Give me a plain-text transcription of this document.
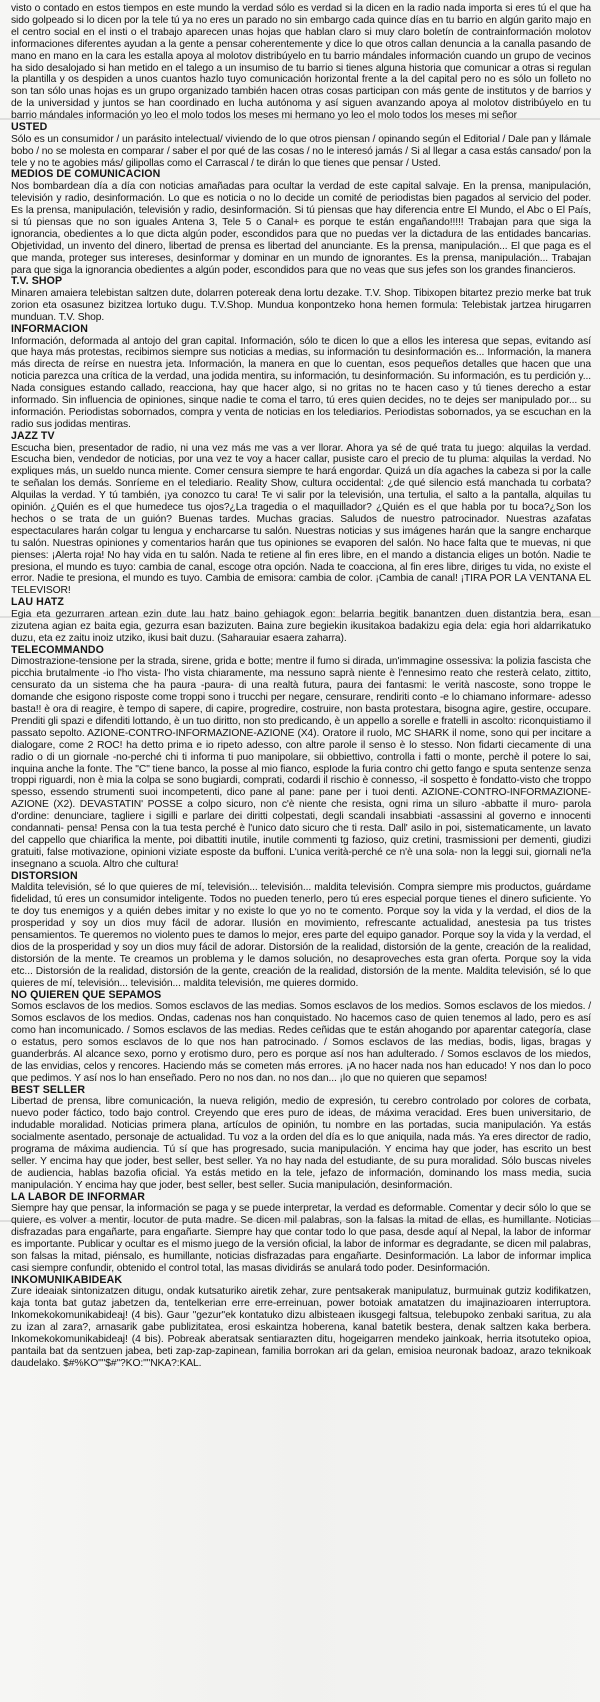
visto o contado en estos tiempos en este mundo la verdad sólo es verdad si la dicen en la radio nada importa si eres tú el que ha sido golpeado si lo dicen por la tele tú ya no eres un parado no sin embargo cada quince días en tu barrio en algún garito majo en el centro social en el insti o el trabajo aparecen unas hojas que hablan claro si muy claro boletín de contrainformación molotov informaciones diferentes ayudan a la gente a pensar coherentemente y dice lo que otros callan denuncia a la canalla pasando de mano en mano en la cara les estalla apoya al molotov distribúyelo en tu barrio mándales información cuando un grupo de vecinos ha sido desalojado si han metido en el talego a un insumiso de tu barrio si tienes alguna historia que comunicar a otras si regulan la plantilla y os despiden a unos cuantos hazlo tuyo comunicación horizontal frente a la del capital pero no es sólo un folleto no son tan sólo unas hojas es un grupo organizado también hacen otras cosas participan con más gente de institutos y de barrios y de la universidad y juntos se han coordinado en lucha autónoma y así siguen avanzando apoya al molotov distribúyelo en tu barrio mándales información yo leo el molo todos los meses mi hermano yo leo el molo todos los meses mi señor
USTED
Sólo es un consumidor / un parásito intelectual/ viviendo de lo que otros piensan / opinando según el Editorial / Dale pan y llámale bobo / no se molesta en comparar / saber el por qué de las cosas / no le interesó jamás / Si al llegar a casa estás cansado/ pon la tele y no te agobies más/ gilipollas como el Carrascal / te dirán lo que tienes que pensar / Usted.
MEDIOS DE COMUNICACION
Nos bombardean día a día con noticias amañadas para ocultar la verdad de este capital salvaje. En la prensa, manipulación, televisión y radio, desinformación. Lo que es noticia o no lo decide un comité de periodistas bien pagados al servicio del poder. Es la prensa, manipulación, televisión y radio, desinformación. Si tú piensas que hay diferencia entre El Mundo, el Abc o El País, si tú piensas que no son iguales Antena 3, Tele 5 o Canal+ es porque te están engañando!!!!! Trabajan para que siga la ignorancia, obedientes a lo que dicta algún poder, escondidos para que no puedas ver la dictadura de las entidades bancarias. Objetividad, un invento del dinero, libertad de prensa es libertad del anunciante. Es la prensa, manipulación... El que paga es el que manda, proteger sus intereses, desinformar y dominar en un mundo de ignorantes. Es la prensa, manipulación... Trabajan para que siga la ignorancia obedientes a algún poder, escondidos para que no veas que sus jefes son los grandes financieros.
T.V. SHOP
Minaren amaiera telebistan saltzen dute, dolarren potereak dena lortu dezake. T.V. Shop. Tibixopen bitartez prezio merke bat truk zorion eta osasunez bizitzea lortuko dugu. T.V.Shop. Mundua konpontzeko hona hemen formula: Telebistak jartzea hirugarren munduan. T.V. Shop.
INFORMACION
Información, deformada al antojo del gran capital. Información, sólo te dicen lo que a ellos les interesa que sepas, evitando así que haya más protestas, recibimos siempre sus noticias a medias, su información tu desinformación es... Información, la manera más directa de reírse en nuestra jeta. Información, la manera en que lo cuentan, esos pequeños detalles que hacen que una noticia parezca una crítica de la verdad, una jodida mentira, su información, tu desinformación. Su información, es tu perdición y... Nada consigues estando callado, reacciona, hay que hacer algo, si no gritas no te hacen caso y tú tienes derecho a estar informado. Sin influencia de opiniones, sinque nadie te coma el tarro, tú eres quien decides, no te dejes ser manipulado por... su información. Periodistas sobornados, compra y venta de noticias en los telediarios. Periodistas sobornados, ya se escuchan en la radio sus jodidas mentiras.
JAZZ TV
Escucha bien, presentador de radio, ni una vez más me vas a ver llorar. Ahora ya sé de qué trata tu juego: alquilas la verdad. Escucha bien, vendedor de noticias, por una vez te voy a hacer callar, pusiste caro el precio de tu pluma: alquilas la verdad. No expliques más, un sueldo nunca miente. Comer censura siempre te hará engordar. Quizá un día agaches la cabeza si por la calle te señalan los demás. Sonríeme en el telediario. Reality Show, cultura occidental: ¿de qué silencio está manchada tu corbata? Alquilas la verdad. Y tú también, ¡ya conozco tu cara! Te vi salir por la televisión, una tertulia, el salto a la pantalla, alquilas tu opinión. ¿Quién es el que humedece tus ojos?¿La tragedia o el maquillador? ¿Quién es el que habla por tu boca?¿Son los hechos o se trata de un guión? Buenas tardes. Muchas gracias. Saludos de nuestro patrocinador. Nuestras azafatas espectaculares harán colgar tu lengua y encharcarse tu salón. Nuestras noticias y sus imágenes harán que la sangre encharque tu salón. Nuestras opiniones y comentarios harán que tus opiniones se evaporen del salón. No hace falta que te muevas, ni que pienses: ¡Alerta roja! No hay vida en tu salón. Nada te retiene al fin eres libre, en el mando a distancia eliges un botón. Nadie te presiona, el mundo es tuyo: cambia de canal, escoge otra opción. Nada te coacciona, al fin eres libre, diriges tu vida, no existe el error. Nadie te presiona, el mundo es tuyo. Cambia de emisora: cambia de color. ¡Cambia de canal! ¡TIRA POR LA VENTANA EL TELEVISOR!
LAU HATZ
Egia eta gezurraren artean ezin dute lau hatz baino gehiagok egon: belarria begitik banantzen duen distantzia bera, esan zizutena agian ez baita egia, gezurra esan bazizuten. Baina zure begiekin ikusitakoa badakizu egia dela: egia hori aldarrikatuko duzu, eta ez zaitu inoiz utziko, ikusi bait duzu. (Saharauiar esaera zaharra).
TELECOMMANDO
Dimostrazione-tensione per la strada, sirene, grida e botte; mentre il fumo si dirada, un'immagine ossessiva: la polizia fascista che picchia brutalmente -io l'ho vista- l'ho vista chiaramente, ma nessuno saprà niente è l'ennesimo reato che resterà celato, zittito, censurato da un sistema che ha paura -paura- di una realtà futura, paura dei fantasmi: le verità nascoste, sono troppe le domande che esigono risposte come troppi sono i trucchi per negare, censurare, rendiriti conto -e lo chiamano informare- adesso basta!! è ora di reagire, è tempo di sapere, di capire, progredire, costruire, non basta protestara, bisogna agire, gestire, occupare. Prenditi gli spazi e difenditi lottando, è un tuo diritto, non sto predicando, è un appello a sorelle e fratelli in ascolto: riconquistiamo il passato sepolto. AZIONE-CONTRO-INFORMAZIONE-AZIONE (X4). Oratore il ruolo, MC SHARK il nome, sono qui per incitare a dialogare, come 2 ROC! ha detto prima e io ripeto adesso, con altre parole il senso è lo stesso. Non fidarti ciecamente di una radio o di un giornale -no-perché chi ti informa ti puo manipolare, sii obbiettivo, controlla i fatti o monte, perchè il potere lo sai, inquina anche la fonte. The "C" tiene banco, la posse al mio fianco, espIode la furia contro chi getto fango e sputa sentenze senza troppi riguardi, non è mia la colpa se sono bugiardi, comprati, codardi il rischio è connesso, -il sospetto è fondatto-visto che troppo spesso, essendo strumenti suoi incompetenti, dico pane al pane: pane per i tuoi denti. AZIONE-CONTRO-INFORMAZIONE-AZIONE (X2). DEVASTATIN' POSSE a colpo sicuro, non c'è niente che resista, ogni rima un siluro -abbatte il muro- parola d'ordine: denunciare, tagliere i sigilli e parlare dei diritti colpestati, degli scandali insabbiati -assassini al governo e innocenti condannati- pensa! Pensa con la tua testa perché è l'unico dato sicuro che ti resta. Dall' asilo in poi, sistematicamente, un lavato del cappello que chiarifica la mente, poi dibattiti inutile, inutile commenti tg fazioso, quiz cretini, trasmissioni per dementi, giudizi gratuiti, false motivazione, opinioni viziate esposte da buffoni. L'unica verità-perché ce n'è una sola- non la leggi sui, giornali ne'la insegnano a scuola. Altro che cultura!
DISTORSION
Maldita televisión, sé lo que quieres de mí, televisión... televisión... maldita televisión. Compra siempre mis productos, guárdame fidelidad, tú eres un consumidor inteligente. Todos no pueden tenerlo, pero tú eres especial porque tienes el dinero suficiente. Yo te doy tus enemigos y a quién debes imitar y no existe lo que yo no te comento. Porque soy la vida y la verdad, el dios de la prosperidad y soy un dios muy fácil de adorar. Ilusión en movimiento, refrescante actualidad, anestesia pa tus tristes pensamientos. Te queremos no violento pues te damos lo mejor, eres parte del equipo ganador. Porque soy la vida y la verdad, el dios de la prosperidad y soy un dios muy fácil de adorar. Distorsión de la realidad, distorsión de la gente, creación de la realidad, distorsión de la mente. Te creamos un problema y le damos solución, no desaproveches esta gran oferta. Porque soy la vida etc... Distorsión de la realidad, distorsión de la gente, creación de la realidad, distorsión de la mente. Maldita televisión, sé lo que quieres de mí, televisión... televisión... maldita televisión, me quieres dormido.
NO QUIEREN QUE SEPAMOS
Somos esclavos de los medios. Somos esclavos de las medias. Somos esclavos de los medios. Somos esclavos de los miedos. / Somos esclavos de los medios. Ondas, cadenas nos han conquistado. No hacemos caso de quien tenemos al lado, pero es así como han incomunicado. / Somos esclavos de las medias. Redes ceñidas que te están ahogando por aparentar categoría, clase o estatus, pero somos esclavos de lo que nos han patrocinado. / Somos esclavos de las medias, bodis, ligas, bragas y guanderbrás. Al alcance sexo, porno y erotismo duro, pero es porque así nos han adulterado. / Somos esclavos de los miedos, de las envidias, celos y rencores. Haciendo más se cometen más errores. ¡A no hacer nada nos han educado! Y nos dan lo poco que pedimos. Y así nos lo han enseñado. Pero no nos dan. no nos dan... ¡lo que no quieren que sepamos!
BEST SELLER
Libertad de prensa, libre comunicación, la nueva religión, medio de expresión, tu cerebro controlado por colores de corbata, nuevo poder fáctico, todo bajo control. Creyendo que eres puro de ideas, de máxima veracidad. Eres buen universitario, de indudable moralidad. Noticias primera plana, artículos de opinión, tu nombre en las portadas, sucia manipulación. Ya estás socialmente asentado, personaje de actualidad. Tu voz a la orden del día es lo que aniquila, nada más. Ya eres director de radio, programa de máxima audiencia. Tú sí que has progresado, sucia manipulación. Y encima hay que joder, has escrito un best seller. Y encima hay que joder, best seller, best seller. Ya no hay nada del estudiante, de su pura moralidad. Sólo buscas niveles de audiencia, hablas bazofia oficial. Ya estás metido en la tele, jefazo de información, dominando los mass media, sucia manipulación. Y encima hay que joder, best seller, best seller. Sucia manipulación, desinformación.
LA LABOR DE INFORMAR
Siempre hay que pensar, la información se paga y se puede interpretar, la verdad es deformable. Comentar y decir sólo lo que se quiere, es volver a mentir, locutor de puta madre. Se dicen mil palabras, son la falsas la mitad de ellas, es humillante. Noticias disfrazadas para engañarte, para engañarte. Siempre hay que contar todo lo que pasa, desde aquí al Nepal, la labor de informar es importante. Publicar y ocultar es el mismo juego de la versión oficial, la labor de informar es degradante, se dicen mil palabras, son falsas la mitad, piénsalo, es humillante, noticias disfrazadas para engañarte. Desinformación. La labor de informar implica casi siempre confundir, obtenido el control total, las masas dividirás se anulará todo poder. Desinformación.
INKOMUNIKABIDEAK
Zure ideaiak sintonizatzen ditugu, ondak kutsaturiko airetik zehar, zure pentsakerak manipulatuz, burmuinak gutziz kodifikatzen, kaja tonta bat gutaz jabetzen da, tentelkerian erre erre-erreinuan, power botoiak amatatzen du imajinazioaren interruptora. Inkomekokomunikabideaj! (4 bis). Gaur "gezur"ek kontatuko dizu albisteaen ikusgegi faltsua, telebupoko zenbaki saritua, zu ala zu izan al zara?, arnasarik gabe publizitatea, erosi eskaintza hoberena, kanal batetik bestera, denak saltzen kaka berbera. Inkomekokomunikabideaj! (4 bis). Pobreak aberatsak sentiarazten ditu, hogeigarren mendeko jainkoak, herria itsotuteko opioa, pantaila bat da sentzuen jabea, beti zap-zap-zapinean, familia borrokan ari da gelan, emisioa neuronak badoaz, arazo teknikoak daudelako. $#%KO""$#"?KO:""NKA?:KAL.
